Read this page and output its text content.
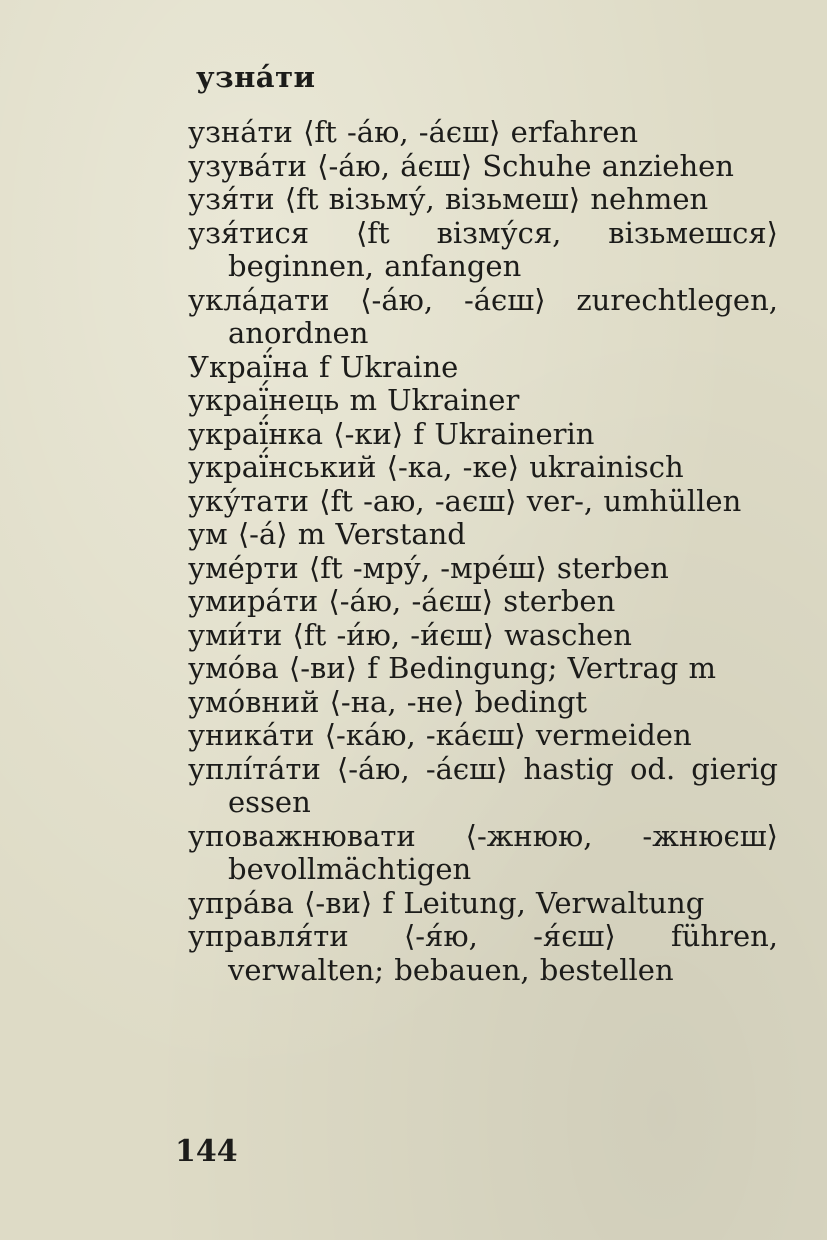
узна́ти
узна́ти ⟨ft -а́ю, -а́єш⟩ erfahren
узува́ти ⟨-а́ю, а́єш⟩ Schuhe anziehen
узя́ти ⟨ft візьму́, візьмеш⟩ nehmen
узя́тися ⟨ft візму́ся, візьмешся⟩ beginnen, anfangen
укла́дати ⟨-а́ю, -а́єш⟩ zurechtlegen, anordnen
Украї́на f Ukraine
украї́нець m Ukrainer
украї́нка ⟨-ки⟩ f Ukrainerin
украї́нський ⟨-ка, -ке⟩ ukrainisch
уку́тати ⟨ft -аю, -аєш⟩ ver-, umhüllen
ум ⟨-а́⟩ m Verstand
уме́рти ⟨ft -мру́, -мре́ш⟩ sterben
умира́ти ⟨-а́ю, -а́єш⟩ sterben
уми́ти ⟨ft -и́ю, -и́єш⟩ waschen
умо́ва ⟨-ви⟩ f Bedingung; Vertrag m
умо́вний ⟨-на, -не⟩ bedingt
уника́ти ⟨-ка́ю, -ка́єш⟩ vermeiden
уплі́та́ти ⟨-а́ю, -а́єш⟩ hastig od. gierig essen
уповажнювати ⟨-жнюю, -жнюєш⟩ bevollmächtigen
упра́ва ⟨-ви⟩ f Leitung, Verwaltung
управля́ти ⟨-я́ю, -я́єш⟩ führen, verwalten; bebauen, bestellen
144
